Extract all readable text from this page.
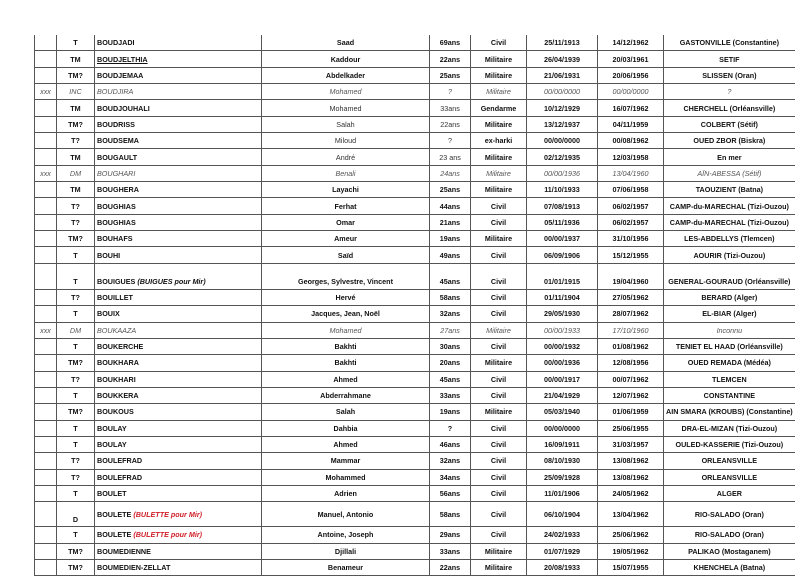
	T	BOUDJADI	Saad	69ans	Civil	25/11/1913	14/12/1962	GASTONVILLE (Constantine)
	TM	BOUDJELTHIA	Kaddour	22ans	Militaire	26/04/1939	20/03/1961	SETIF
	TM?	BOUDJEMAA	Abdelkader	25ans	Militaire	21/06/1931	20/06/1956	SLISSEN (Oran)
xxx	INC	BOUDJIRA	Mohamed	?	Militaire	00/00/0000	00/00/0000	?
	TM	BOUDJOUHALI	Mohamed	33ans	Gendarme	10/12/1929	16/07/1962	CHERCHELL (Orléansville)
	TM?	BOUDRISS	Salah	22ans	Militaire	13/12/1937	04/11/1959	COLBERT (Sétif)
	T?	BOUDSEMA	Miloud	?	ex-harki	00/00/0000	00/08/1962	OUED ZBOR (Biskra)
	TM	BOUGAULT	André	23 ans	Militaire	02/12/1935	12/03/1958	En mer
xxx	DM	BOUGHARI	Benali	24ans	Militaire	00/00/1936	13/04/1960	AÏN-ABESSA (Sétif)
	TM	BOUGHERA	Layachi	25ans	Militaire	11/10/1933	07/06/1958	TAOUZIENT (Batna)
	T?	BOUGHIAS	Ferhat	44ans	Civil	07/08/1913	06/02/1957	CAMP-du-MARECHAL (Tizi-Ouzou)
	T?	BOUGHIAS	Omar	21ans	Civil	05/11/1936	06/02/1957	CAMP-du-MARECHAL (Tizi-Ouzou)
	TM?	BOUHAFS	Ameur	19ans	Militaire	00/00/1937	31/10/1956	LES-ABDELLYS (Tlemcen)
	T	BOUHI	Saïd	49ans	Civil	06/09/1906	15/12/1955	AOURIR (Tizi-Ouzou)
	T	BOUIGUES (BUIGUES pour Mir)	Georges, Sylvestre, Vincent	45ans	Civil	01/01/1915	19/04/1960	GENERAL-GOURAUD (Orléansville)
	T?	BOUILLET	Hervé	58ans	Civil	01/11/1904	27/05/1962	BERARD (Alger)
	T	BOUIX	Jacques, Jean, Noël	32ans	Civil	29/05/1930	28/07/1962	EL-BIAR (Alger)
xxx	DM	BOUKAAZA	Mohamed	27ans	Militaire	00/00/1933	17/10/1960	Inconnu
	T	BOUKERCHE	Bakhti	30ans	Civil	00/00/1932	01/08/1962	TENIET EL HAAD (Orléansville)
	TM?	BOUKHARA	Bakhti	20ans	Militaire	00/00/1936	12/08/1956	OUED REMADA (Médéa)
	T?	BOUKHARI	Ahmed	45ans	Civil	00/00/1917	00/07/1962	TLEMCEN
	T	BOUKKERA	Abderrahmane	33ans	Civil	21/04/1929	12/07/1962	CONSTANTINE
	TM?	BOUKOUS	Salah	19ans	Militaire	05/03/1940	01/06/1959	AIN SMARA (KROUBS) (Constantine)
	T	BOULAY	Dahbia	?	Civil	00/00/0000	25/06/1955	DRA-EL-MIZAN (Tizi-Ouzou)
	T	BOULAY	Ahmed	46ans	Civil	16/09/1911	31/03/1957	OULED-KASSERIE (Tizi-Ouzou)
	T?	BOULEFRAD	Mammar	32ans	Civil	08/10/1930	13/08/1962	ORLEANSVILLE
	T?	BOULEFRAD	Mohammed	34ans	Civil	25/09/1928	13/08/1962	ORLEANSVILLE
	T	BOULET	Adrien	56ans	Civil	11/01/1906	24/05/1962	ALGER
	D	BOULETE (BULETTE pour Mir)	Manuel, Antonio	58ans	Civil	06/10/1904	13/04/1962	RIO-SALADO (Oran)
	T	BOULETE (BULETTE pour Mir)	Antoine, Joseph	29ans	Civil	24/02/1933	25/06/1962	RIO-SALADO (Oran)
	TM?	BOUMEDIENNE	Djillali	33ans	Militaire	01/07/1929	19/05/1962	PALIKAO (Mostaganem)
	TM?	BOUMEDIEN-ZELLAT	Benameur	22ans	Militaire	20/08/1933	15/07/1955	KHENCHELA (Batna)
